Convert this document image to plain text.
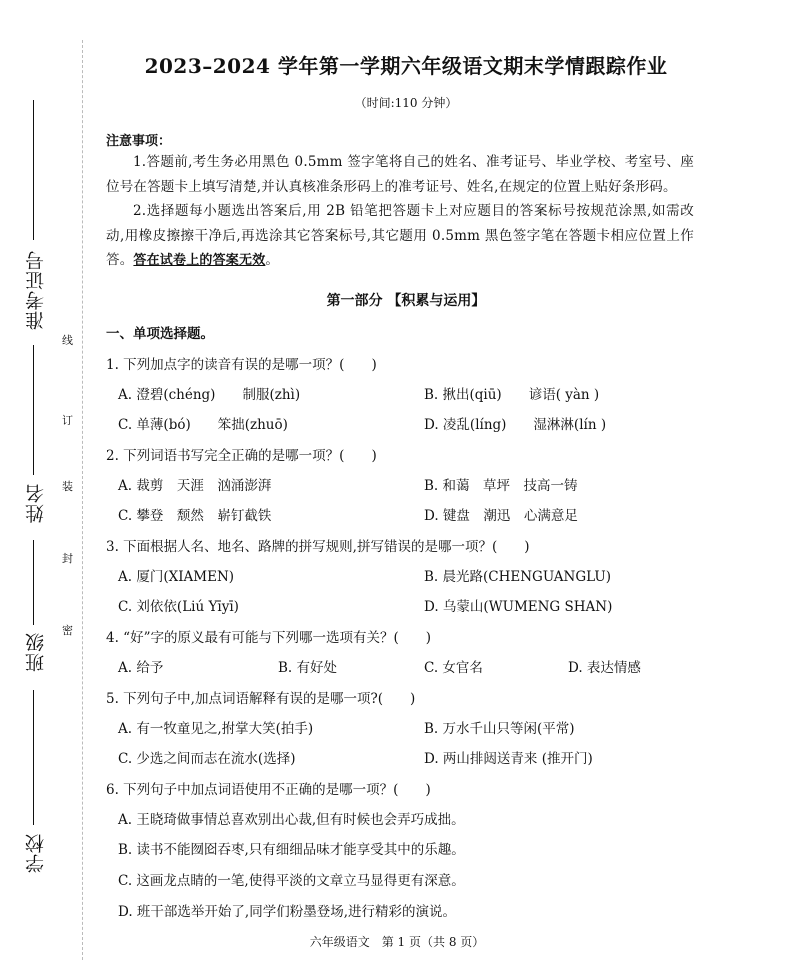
准考证号
姓名
班级
学校
线
订
装
封
密
2023–2024 学年第一学期六年级语文期末学情跟踪作业
（时间:110 分钟）
注意事项：
1.答题前,考生务必用黑色 0.5mm 签字笔将自己的姓名、准考证号、毕业学校、考室号、座位号在答题卡上填写清楚,并认真核准条形码上的准考证号、姓名,在规定的位置上贴好条形码。
2.选择题每小题选出答案后,用 2B 铅笔把答题卡上对应题目的答案标号按规范涂黑,如需改动,用橡皮擦擦干净后,再选涂其它答案标号,其它题用 0.5mm 黑色签字笔在答题卡相应位置上作答。答在试卷上的答案无效。
第一部分 【积累与运用】
一、单项选择题。
1. 下列加点字的读音有误的是哪一项？(　　)
A. 澄碧(chéng)　　制服(zhì)	B. 揪出(qiū)　　谚语( yàn )
C. 单薄(bó)　　笨拙(zhuō)	D. 凌乱(líng)　　湿淋淋(lín )
2. 下列词语书写完全正确的是哪一项？(　　)
A. 裁剪　天涯　汹涌澎湃	B. 和蔼　草坪　技高一铸
C. 攀登　颓然　崭钉截铁	D. 键盘　潮迅　心满意足
3. 下面根据人名、地名、路牌的拼写规则,拼写错误的是哪一项？(　　)
A. 厦门(XIAMEN)	B. 晨光路(CHENGUANGLU)
C. 刘依依(Liú Yīyī)	D. 乌蒙山(WUMENG SHAN)
4. “好”字的原义最有可能与下列哪一选项有关？(　　)
A. 给予	B. 有好处	C. 女官名	D. 表达情感
5. 下列句子中,加点词语解释有误的是哪一项?(　　)
A. 有一牧童见之,拊掌大笑(拍手)	B. 万水千山只等闲(平常)
C. 少选之间而志在流水(选择)	D. 两山排闼送青来 (推开门)
6. 下列句子中加点词语使用不正确的是哪一项？(　　)
A. 王晓琦做事情总喜欢别出心裁,但有时候也会弄巧成拙。
B. 读书不能囫囵吞枣,只有细细品味才能享受其中的乐趣。
C. 这画龙点睛的一笔,使得平淡的文章立马显得更有深意。
D. 班干部选举开始了,同学们粉墨登场,进行精彩的演说。
六年级语文　第 1 页（共 8 页）
